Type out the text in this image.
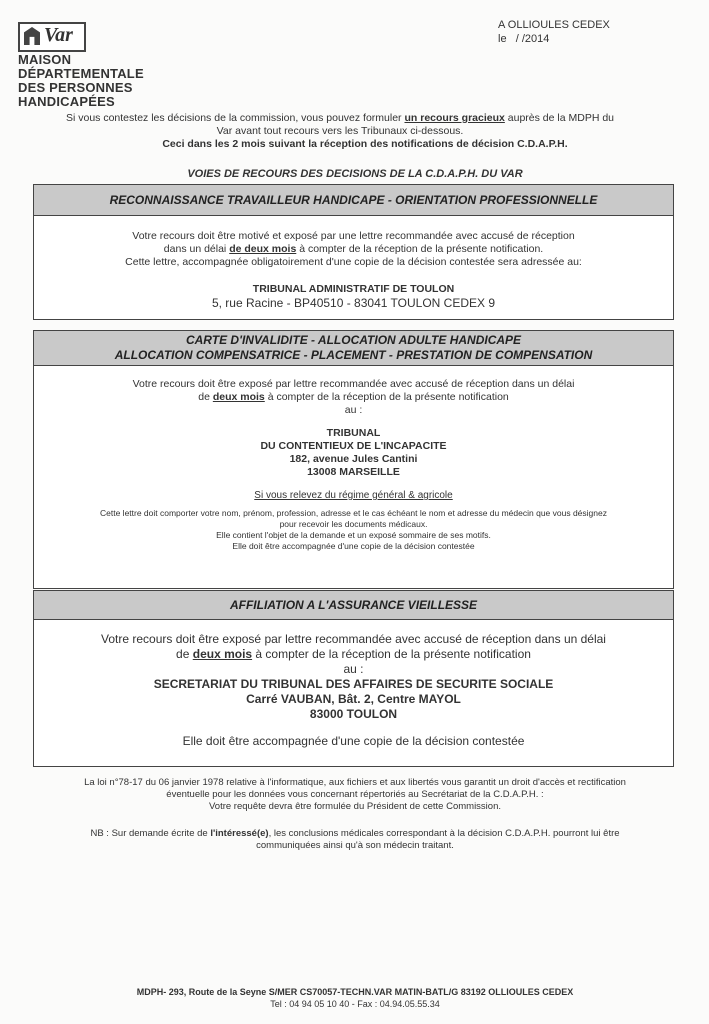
Var
MAISON
DÉPARTEMENTALE
DES PERSONNES
HANDICAPÉES
A OLLIOULES CEDEX
le / /2014
Si vous contestez les décisions de la commission, vous pouvez formuler un recours gracieux auprès de la MDPH du
Var avant tout recours vers les Tribunaux ci-dessous.
Ceci dans les 2 mois suivant la réception des notifications de décision C.D.A.P.H.
VOIES DE RECOURS DES DECISIONS DE LA C.D.A.P.H. DU VAR
RECONNAISSANCE TRAVAILLEUR HANDICAPE - ORIENTATION PROFESSIONNELLE
Votre recours doit être motivé et exposé par une lettre recommandée avec accusé de réception
dans un délai de deux mois à compter de la réception de la présente notification.
Cette lettre, accompagnée obligatoirement d'une copie de la décision contestée sera adressée au:
TRIBUNAL ADMINISTRATIF DE TOULON
5, rue Racine - BP40510 - 83041 TOULON CEDEX 9
CARTE D'INVALIDITE - ALLOCATION ADULTE HANDICAPE
ALLOCATION COMPENSATRICE - PLACEMENT - PRESTATION DE COMPENSATION
Votre recours doit être exposé par lettre recommandée avec accusé de réception dans un délai
de deux mois à compter de la réception de la présente notification
au :
TRIBUNAL
DU CONTENTIEUX DE L'INCAPACITE
182, avenue Jules Cantini
13008 MARSEILLE
Si vous relevez du régime général & agricole
Cette lettre doit comporter votre nom, prénom, profession, adresse et le cas échéant le nom et adresse du médecin que vous désignez
pour recevoir les documents médicaux.
Elle contient l'objet de la demande et un exposé sommaire de ses motifs.
Elle doit être accompagnée d'une copie de la décision contestée
AFFILIATION A L'ASSURANCE VIEILLESSE
Votre recours doit être exposé par lettre recommandée avec accusé de réception dans un délai
de deux mois à compter de la réception de la présente notification
au :
SECRETARIAT DU TRIBUNAL DES AFFAIRES DE SECURITE SOCIALE
Carré VAUBAN, Bât. 2, Centre MAYOL
83000 TOULON
Elle doit être accompagnée d'une copie de la décision contestée
La loi n°78-17 du 06 janvier 1978 relative à l'informatique, aux fichiers et aux libertés vous garantit un droit d'accès et rectification
éventuelle pour les données vous concernant répertoriés au Secrétariat de la C.D.A.P.H. :
Votre requête devra être formulée du Président de cette Commission.
NB : Sur demande écrite de l'intéressé(e), les conclusions médicales correspondant à la décision C.D.A.P.H. pourront lui être
communiquées ainsi qu'à son médecin traitant.
MDPH- 293, Route de la Seyne S/MER CS70057-TECHN.VAR MATIN-BATL/G 83192 OLLIOULES CEDEX
Tel : 04 94 05 10 40 - Fax : 04.94.05.55.34
